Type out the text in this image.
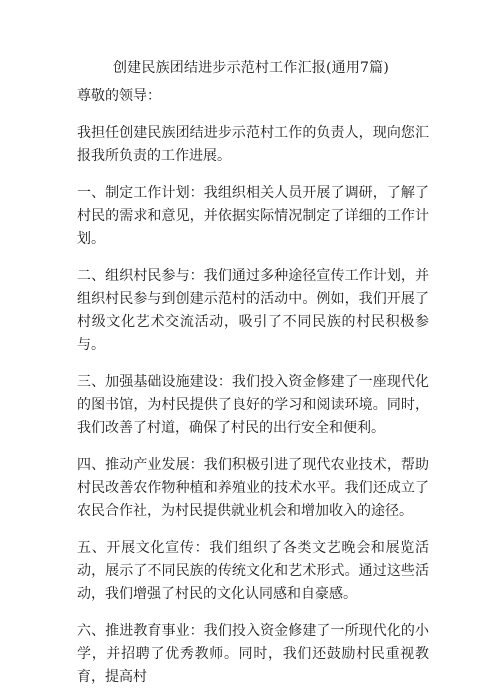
创建民族团结进步示范村工作汇报(通用7篇)
尊敬的领导：

我担任创建民族团结进步示范村工作的负责人，现向您汇报我所负责的工作进展。

一、制定工作计划：我组织相关人员开展了调研，了解了村民的需求和意见，并依据实际情况制定了详细的工作计划。

二、组织村民参与：我们通过多种途径宣传工作计划，并组织村民参与到创建示范村的活动中。例如，我们开展了村级文化艺术交流活动，吸引了不同民族的村民积极参与。

三、加强基础设施建设：我们投入资金修建了一座现代化的图书馆，为村民提供了良好的学习和阅读环境。同时，我们改善了村道，确保了村民的出行安全和便利。

四、推动产业发展：我们积极引进了现代农业技术，帮助村民改善农作物种植和养殖业的技术水平。我们还成立了农民合作社，为村民提供就业机会和增加收入的途径。

五、开展文化宣传：我们组织了各类文艺晚会和展览活动，展示了不同民族的传统文化和艺术形式。通过这些活动，我们增强了村民的文化认同感和自豪感。

六、推进教育事业：我们投入资金修建了一所现代化的小学，并招聘了优秀教师。同时，我们还鼓励村民重视教育，提高村
